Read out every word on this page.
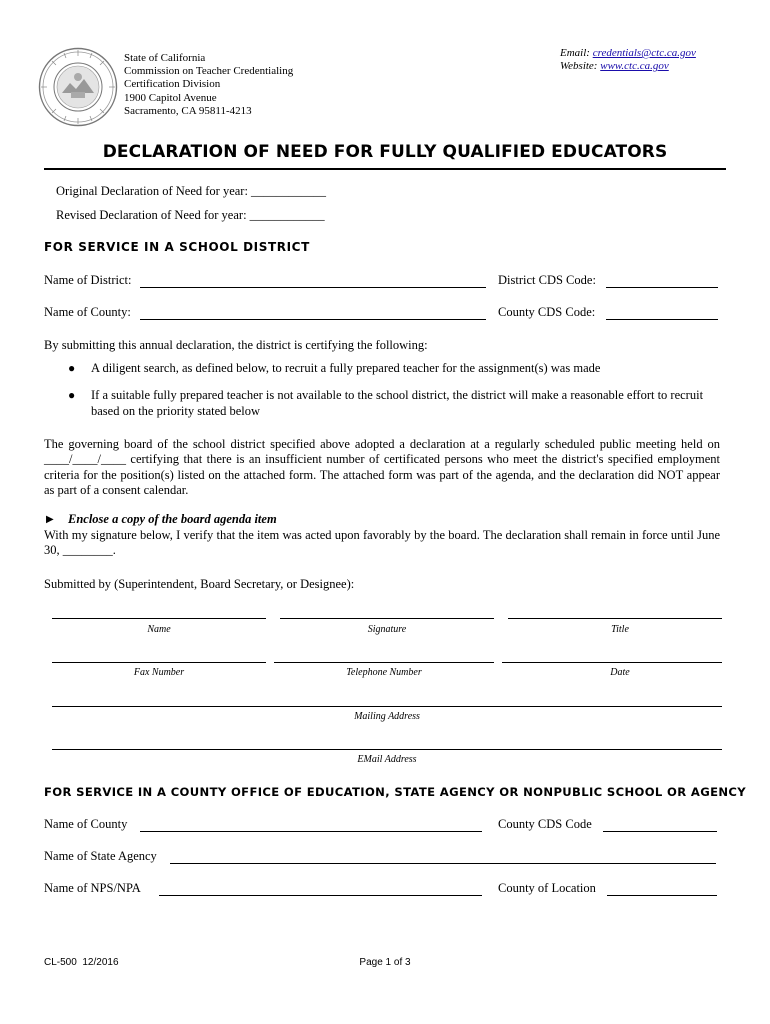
State of California
Commission on Teacher Credentialing
Certification Division
1900 Capitol Avenue
Sacramento, CA 95811-4213
Email: credentials@ctc.ca.gov
Website: www.ctc.ca.gov
DECLARATION OF NEED FOR FULLY QUALIFIED EDUCATORS
Original Declaration of Need for year: ____________
Revised Declaration of Need for year: ____________
FOR SERVICE IN A SCHOOL DISTRICT
Name of District:	District CDS Code:
Name of County:	County CDS Code:
By submitting this annual declaration, the district is certifying the following:
● A diligent search, as defined below, to recruit a fully prepared teacher for the assignment(s) was made
● If a suitable fully prepared teacher is not available to the school district, the district will make a reasonable effort to recruit based on the priority stated below
The governing board of the school district specified above adopted a declaration at a regularly scheduled public meeting held on ____/____/____ certifying that there is an insufficient number of certificated persons who meet the district's specified employment criteria for the position(s) listed on the attached form. The attached form was part of the agenda, and the declaration did NOT appear as part of a consent calendar.
▶ Enclose a copy of the board agenda item
With my signature below, I verify that the item was acted upon favorably by the board. The declaration shall remain in force until June 30, ________.
Submitted by (Superintendent, Board Secretary, or Designee):
Name	Signature	Title
Fax Number	Telephone Number	Date
Mailing Address
EMail Address
FOR SERVICE IN A COUNTY OFFICE OF EDUCATION, STATE AGENCY OR NONPUBLIC SCHOOL OR AGENCY
Name of County	County CDS Code
Name of State Agency
Name of NPS/NPA	County of Location
CL-500  12/2016	Page 1 of 3
